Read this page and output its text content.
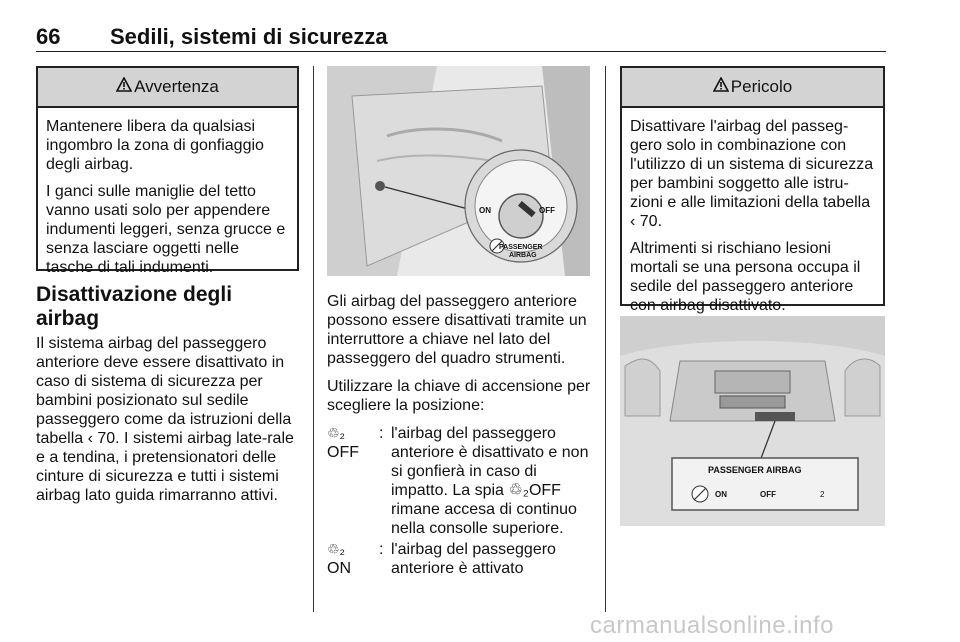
66 Sedili, sistemi di sicurezza
Avvertenza

Mantenere libera da qualsiasi ingombro la zona di gonfiaggio degli airbag.

I ganci sulle maniglie del tetto vanno usati solo per appendere indumenti leggeri, senza grucce e senza lasciare oggetti nelle tasche di tali indumenti.

Disattivazione degli airbag

Il sistema airbag del passeggero anteriore deve essere disattivato in caso di sistema di sicurezza per bambini posizionato sul sedile passeggero come da istruzioni della tabella ‹ 70. I sistemi airbag late-rale e a tendina, i pretensionatori delle cinture di sicurezza e tutti i sistemi airbag lato guida rimarranno attivi.

ON	OFF
PASSENGER
AIRBAG

Gli airbag del passeggero anteriore possono essere disattivati tramite un interruttore a chiave nel lato del passeggero del quadro strumenti.

Utilizzare la chiave di accensione per scegliere la posizione:

♲₂
OFF
: l'airbag del passeggero anteriore è disattivato e non si gonfierà in caso di impatto. La spia ♲₂OFF rimane accesa di continuo nella consolle superiore.
♲₂
ON
: l'airbag del passeggero anteriore è attivato
Pericolo

Disattivare l'airbag del passeg-gero solo in combinazione con l'utilizzo di un sistema di sicurezza per bambini soggetto alle istru-zioni e alle limitazioni della tabella ‹ 70.

Altrimenti si rischiano lesioni mortali se una persona occupa il sedile del passeggero anteriore con airbag disattivato.

PASSENGER AIRBAG
ON	OFF	2
carmanualsonline.info
